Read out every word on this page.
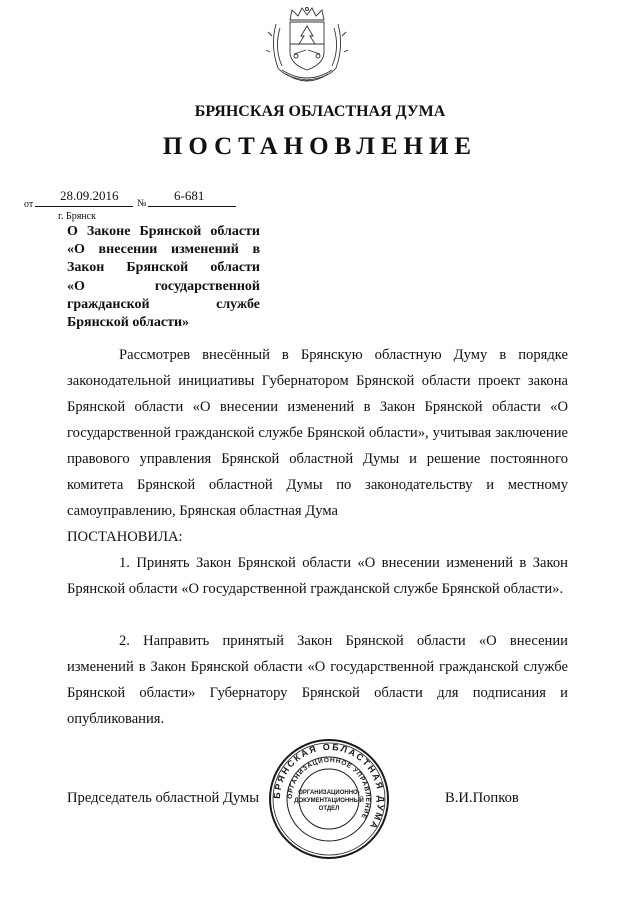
БРЯНСКАЯ ОБЛАСТНАЯ ДУМА
ПОСТАНОВЛЕНИЕ
от
28.09.2016
№
6-681
г. Брянск
О Законе Брянской области
«О внесении изменений в
Закон Брянской области
«О государственной
гражданской службе
Брянской области»
Рассмотрев внесённый в Брянскую областную Думу в порядке законодательной инициативы Губернатором Брянской области проект закона Брянской области «О внесении изменений в Закон Брянской области «О государственной гражданской службе Брянской области», учитывая заключение правового управления Брянской областной Думы и решение постоянного комитета Брянской областной Думы по законодательству и местному самоуправлению, Брянская областная Дума
ПОСТАНОВИЛА:
1. Принять Закон Брянской области «О внесении изменений в Закон Брянской области «О государственной гражданской службе Брянской области».
2. Направить принятый Закон Брянской области «О внесении изменений в Закон Брянской области «О государственной гражданской службе Брянской области» Губернатору Брянской области для подписания и опубликования.
Председатель областной Думы	В.И.Попков
БРЯНСКАЯ ОБЛАСТНАЯ ДУМА
ОРГАНИЗАЦИОННОЕ УПРАВЛЕНИЕ
ОРГАНИЗАЦИОННО-
ДОКУМЕНТАЦИОННЫЙ
ОТДЕЛ
